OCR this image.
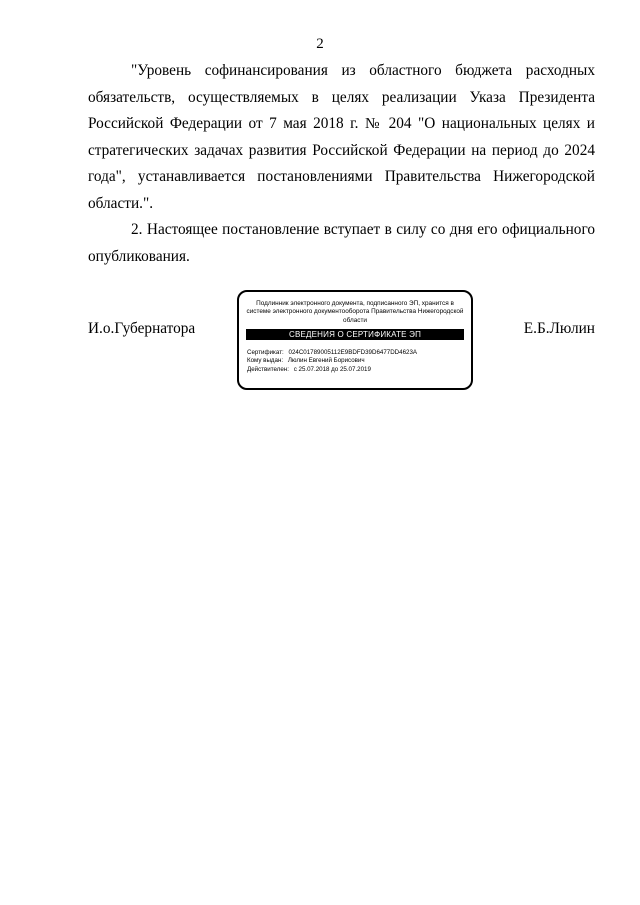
2

"Уровень софинансирования из областного бюджета расходных обязательств, осуществляемых в целях реализации Указа Президента Российской Федерации от 7 мая 2018 г. № 204 "О национальных целях и стратегических задачах развития Российской Федерации на период до 2024 года", устанавливается постановлениями Правительства Нижегородской области.".

2. Настоящее постановление вступает в силу со дня его официального опубликования.

И.о.Губернатора
Подлинник электронного документа, подписанного ЭП, хранится в системе электронного документооборота Правительства Нижегородской области
СВЕДЕНИЯ О СЕРТИФИКАТЕ ЭП
Сертификат: 024C01789005112E9BDFD39D6477DD4623A
Кому выдан: Люлин Евгений Борисович
Действителен: с 25.07.2018 до 25.07.2019
Е.Б.Люлин
